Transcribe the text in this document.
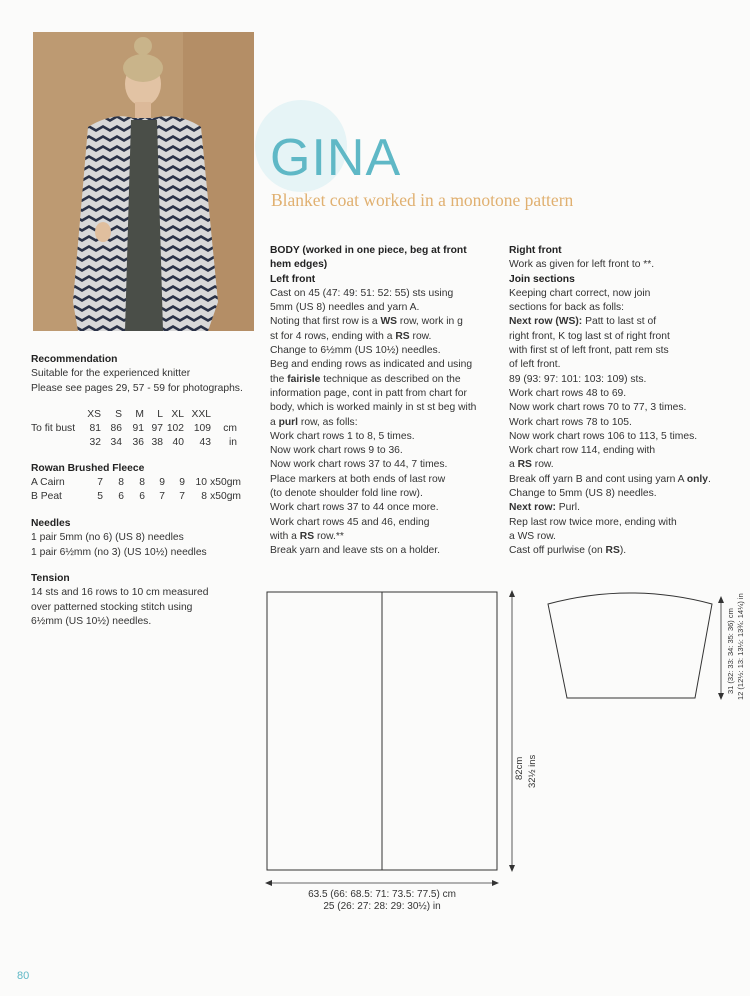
GINA
Blanket coat worked in a monotone pattern

Recommendation

Suitable for the experienced knitter

Please see pages 29, 57 - 59 for photographs.

	XS	S	M	L	XL	XXL	
To fit bust	81	86	91	97	102	109	cm
	32	34	36	38	40	43	in

Rowan Brushed Fleece

A Cairn	7	8	8	9	9	10	x50gm
B Peat	5	6	6	7	7	8	x50gm

Needles

1 pair 5mm (no 6) (US 8) needles

1 pair 6½mm (no 3) (US 10½) needles

Tension

14 sts and 16 rows to 10 cm measured

over patterned stocking stitch using

6½mm (US 10½) needles.

BODY (worked in one piece, beg at front

hem edges)

Left front

Cast on 45 (47: 49: 51: 52: 55) sts using

5mm (US 8) needles and yarn A.

Noting that first row is a WS row, work in g

st for 4 rows, ending with a RS row.

Change to 6½mm (US 10½) needles.

Beg and ending rows as indicated and using

the fairisle technique as described on the

information page, cont in patt from chart for

body, which is worked mainly in st st beg with

a purl row, as folls:

Work chart rows 1 to 8, 5 times.

Now work chart rows 9 to 36.

Now work chart rows 37 to 44, 7 times.

Place markers at both ends of last row

(to denote shoulder fold line row).

Work chart rows 37 to 44 once more.

Work chart rows 45 and 46, ending

with a RS row.**

Break yarn and leave sts on a holder.

Right front

Work as given for left front to **.

Join sections

Keeping chart correct, now join

sections for back as folls:

Next row (WS): Patt to last st of

right front, K tog last st of right front

with first st of left front, patt rem sts

of left front.

89 (93: 97: 101: 103: 109) sts.

Work chart rows 48 to 69.

Now work chart rows 70 to 77, 3 times.

Work chart rows 78 to 105.

Now work chart rows 106 to 113, 5 times.

Work chart row 114, ending with

a RS row.

Break off yarn B and cont using yarn A only.

Change to 5mm (US 8) needles.

Next row: Purl.

Rep last row twice more, ending with

a WS row.

Cast off purlwise (on RS).

82cm 32½ ins
63.5 (66: 68.5: 71: 73.5: 77.5) cm
25 (26: 27: 28: 29: 30½) in
31 (32: 33: 34: 35: 36) cm 12 (12½: 13: 13½: 13¾: 14¼) in
80
